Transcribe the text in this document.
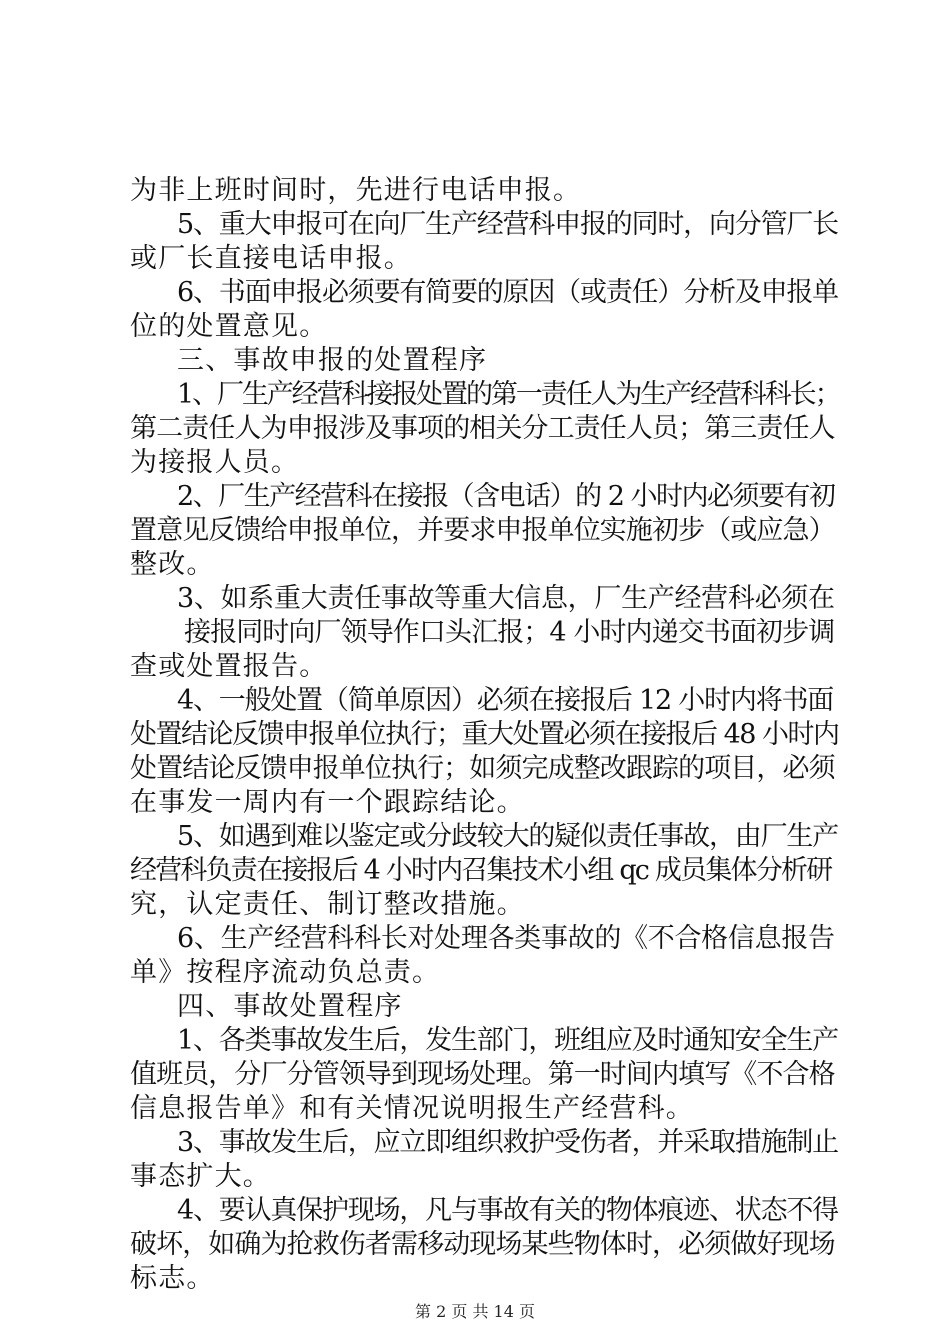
为非上班时间时，先进行电话申报。
5、重大申报可在向厂生产经营科申报的同时，向分管厂长
或厂长直接电话申报。
6、书面申报必须要有简要的原因（或责任）分析及申报单
位的处置意见。
三、事故申报的处置程序
1、厂生产经营科接报处置的第一责任人为生产经营科科长；
第二责任人为申报涉及事项的相关分工责任人员；第三责任人
为接报人员。
2、厂生产经营科在接报（含电话）的 2 小时内必须要有初
置意见反馈给申报单位，并要求申报单位实施初步（或应急）
整改。
3、如系重大责任事故等重大信息，厂生产经营科必须在
接报同时向厂领导作口头汇报；4 小时内递交书面初步调
查或处置报告。
4、一般处置（简单原因）必须在接报后 12 小时内将书面
处置结论反馈申报单位执行；重大处置必须在接报后 48 小时内
处置结论反馈申报单位执行；如须完成整改跟踪的项目，必须
在事发一周内有一个跟踪结论。
5、如遇到难以鉴定或分歧较大的疑似责任事故，由厂生产
经营科负责在接报后 4 小时内召集技术小组 qc 成员集体分析研
究，认定责任、制订整改措施。
6、生产经营科科长对处理各类事故的《不合格信息报告
单》按程序流动负总责。
四、事故处置程序
1、各类事故发生后，发生部门，班组应及时通知安全生产
值班员，分厂分管领导到现场处理。第一时间内填写《不合格
信息报告单》和有关情况说明报生产经营科。
3、事故发生后，应立即组织救护受伤者，并采取措施制止
事态扩大。
4、要认真保护现场，凡与事故有关的物体痕迹、状态不得
破坏，如确为抢救伤者需移动现场某些物体时，必须做好现场
标志。
第 2 页 共 14 页
